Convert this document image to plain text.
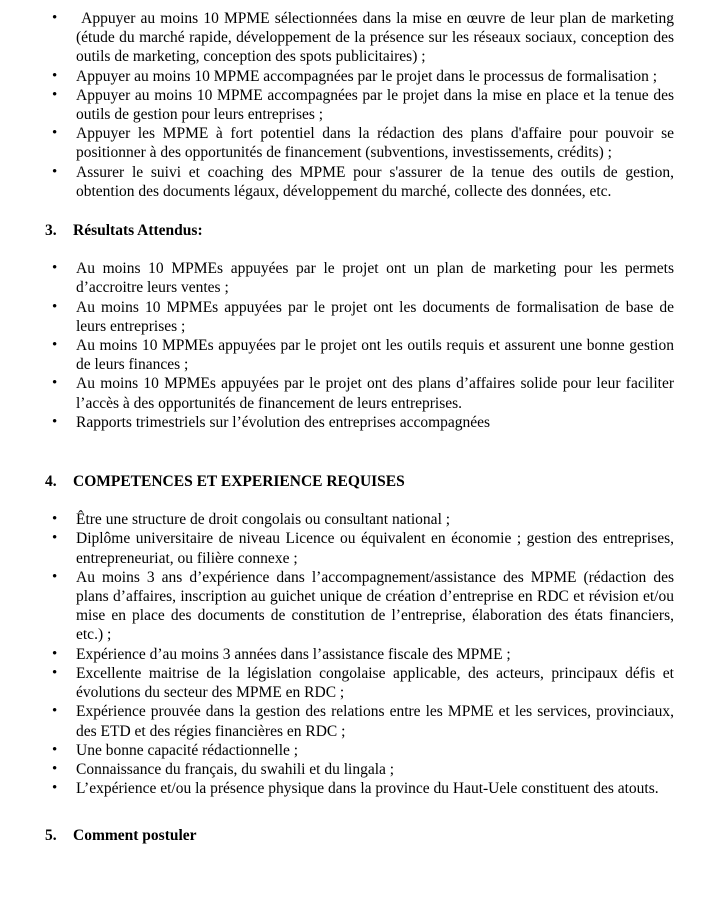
• Appuyer au moins 10 MPME sélectionnées dans la mise en œuvre de leur plan de marketing (étude du marché rapide, développement de la présence sur les réseaux sociaux, conception des outils de marketing, conception des spots publicitaires) ;
• Appuyer au moins 10 MPME accompagnées par le projet dans le processus de formalisation ;
• Appuyer au moins 10 MPME accompagnées par le projet dans la mise en place et la tenue des outils de gestion pour leurs entreprises ;
• Appuyer les MPME à fort potentiel dans la rédaction des plans d'affaire pour pouvoir se positionner à des opportunités de financement (subventions, investissements, crédits) ;
• Assurer le suivi et coaching des MPME pour s'assurer de la tenue des outils de gestion, obtention des documents légaux, développement du marché, collecte des données, etc.
3. Résultats Attendus:
• Au moins 10 MPMEs appuyées par le projet ont un plan de marketing pour les permets d’accroitre leurs ventes ;
• Au moins 10 MPMEs appuyées par le projet ont les documents de formalisation de base de leurs entreprises ;
• Au moins 10 MPMEs appuyées par le projet ont les outils requis et assurent une bonne gestion de leurs finances ;
• Au moins 10 MPMEs appuyées par le projet ont des plans d’affaires solide pour leur faciliter l’accès à des opportunités de financement de leurs entreprises.
• Rapports trimestriels sur l’évolution des entreprises accompagnées
4. COMPETENCES ET EXPERIENCE REQUISES
• Être une structure de droit congolais ou consultant national ;
• Diplôme universitaire de niveau Licence ou équivalent en économie ; gestion des entreprises, entrepreneuriat, ou filière connexe ;
• Au moins 3 ans d’expérience dans l’accompagnement/assistance des MPME (rédaction des plans d’affaires, inscription au guichet unique de création d’entreprise en RDC et révision et/ou mise en place des documents de constitution de l’entreprise, élaboration des états financiers, etc.) ;
• Expérience d’au moins 3 années dans l’assistance fiscale des MPME ;
• Excellente maitrise de la législation congolaise applicable, des acteurs, principaux défis et évolutions du secteur des MPME en RDC ;
• Expérience prouvée dans la gestion des relations entre les MPME et les services, provinciaux, des ETD et des régies financières en RDC ;
• Une bonne capacité rédactionnelle ;
• Connaissance du français, du swahili et du lingala ;
• L’expérience et/ou la présence physique dans la province du Haut-Uele constituent des atouts.
5. Comment postuler
